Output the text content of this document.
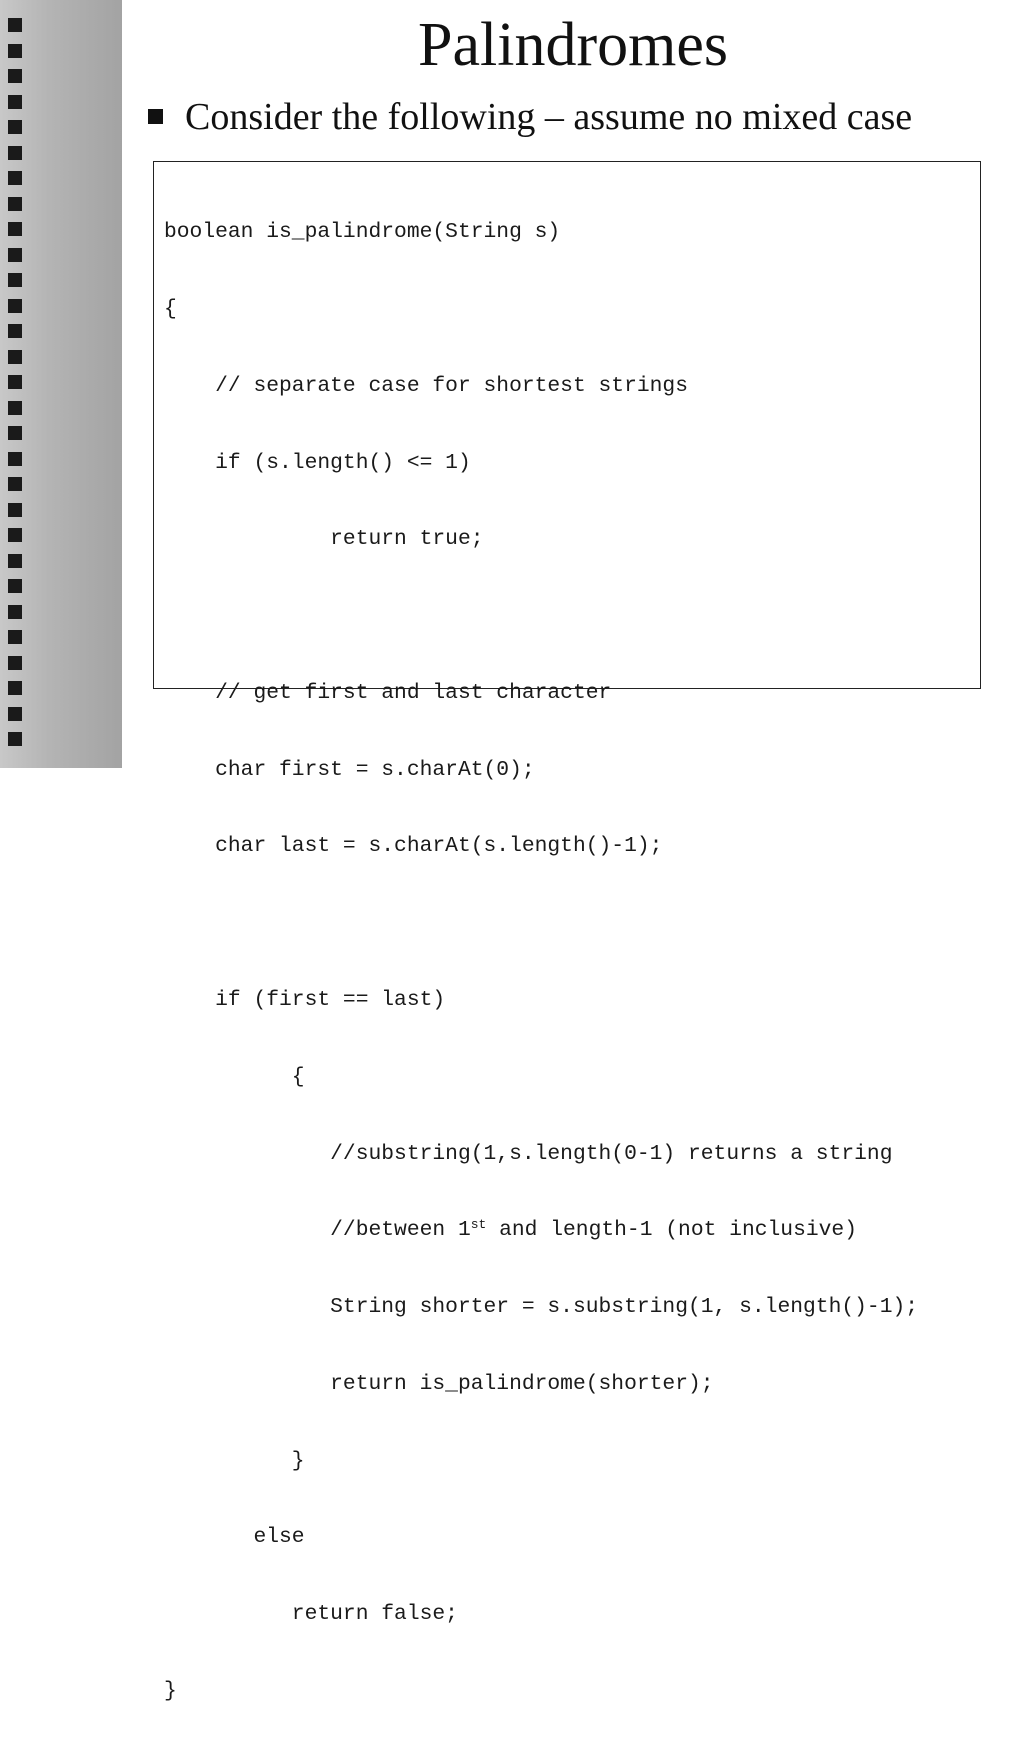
Palindromes
Consider the following – assume no mixed case

boolean is_palindrome(String s)

{

// separate case for shortest strings

if (s.length() <= 1)

return true;

// get first and last character

char first = s.charAt(0);

char last = s.charAt(s.length()-1);

if (first == last)

{

//substring(1,s.length(0-1) returns a string

//between 1st and length-1 (not inclusive)

String shorter = s.substring(1, s.length()-1);

return is_palindrome(shorter);

}

else

return false;

}
